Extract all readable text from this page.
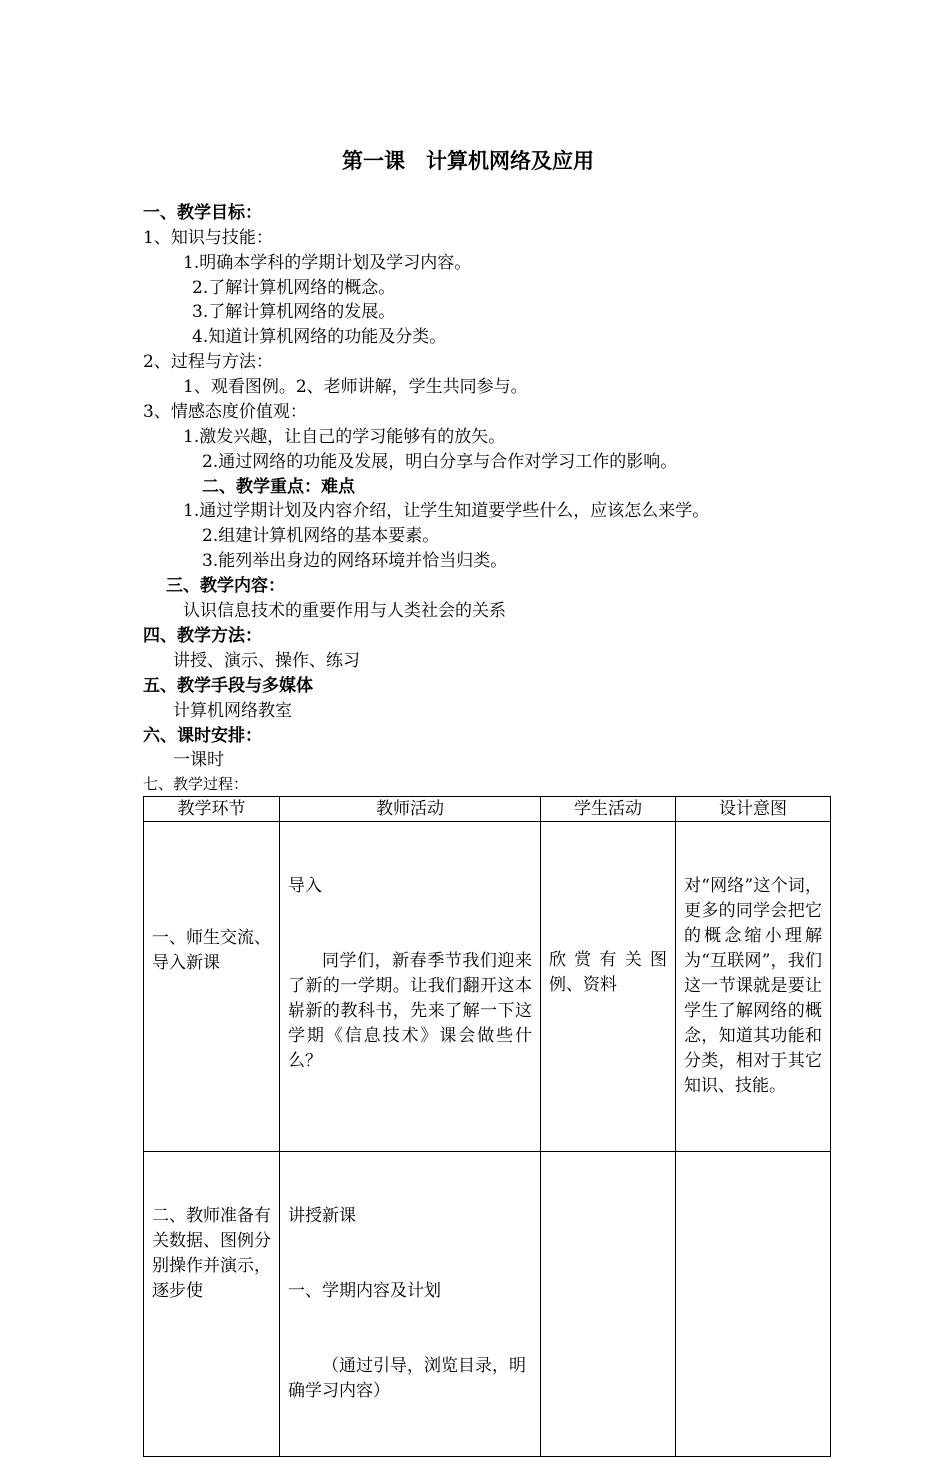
第一课　计算机网络及应用
一、教学目标：
1、知识与技能：
1.明确本学科的学期计划及学习内容。
2.了解计算机网络的概念。
3.了解计算机网络的发展。
4.知道计算机网络的功能及分类。
2、过程与方法：
1、观看图例。2、老师讲解，学生共同参与。
3、情感态度价值观：
1.激发兴趣，让自己的学习能够有的放矢。
2.通过网络的功能及发展，明白分享与合作对学习工作的影响。
二、教学重点：难点
1.通过学期计划及内容介绍，让学生知道要学些什么，应该怎么来学。
2.组建计算机网络的基本要素。
3.能列举出身边的网络环境并恰当归类。
三、教学内容：
认识信息技术的重要作用与人类社会的关系
四、教学方法：
讲授、演示、操作、练习
五、教学手段与多媒体
计算机网络教室
六、课时安排：
一课时
七、教学过程：
教学环节	教师活动	学生活动	设计意图

一、师生交流、导入新课	导入

同学们，新春季节我们迎来了新的一学期。让我们翻开这本崭新的教科书，先来了解一下这学期《信息技术》课会做些什么？	欣赏有关图例、资料	对“网络”这个词，更多的同学会把它的概念缩小理解为“互联网”，我们这一节课就是要让学生了解网络的概念，知道其功能和分类，相对于其它知识、技能。

二、教师准备有关数据、图例分别操作并演示，逐步使	讲授新课

一、学期内容及计划

（通过引导，浏览目录，明确学习内容）		
